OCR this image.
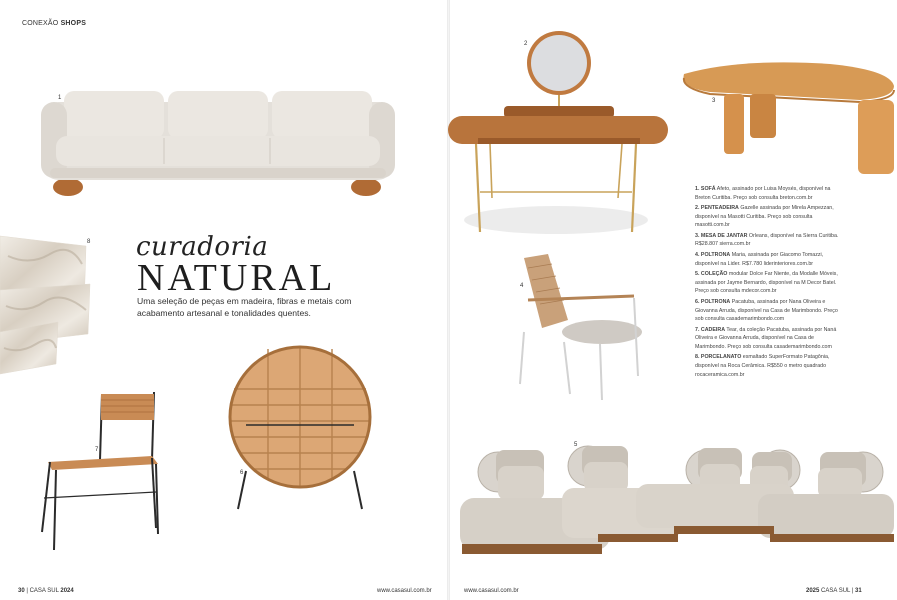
CONEXÃO SHOPS
1
8 curadoria
NATURAL
Uma seleção de peças em madeira, fibras e metais com acabamento artesanal e tonalidades quentes.
7
6
2
3
4
1. SOFÁ Afeto, assinado por Luisa Moysés, disponível na Breton Curitiba. Preço sob consulta breton.com.br
2. PENTEADEIRA Gazelle assinada por Mirela Ampezzan, disponível na Masotti Curitiba. Preço sob consulta masotti.com.br
3. MESA DE JANTAR Orleans, disponível na Sierra Curitiba. R$28.807 sierra.com.br
4. POLTRONA Maria, assinada por Giacomo Tomazzi, disponível na Lider. R$7.780 liderinteriores.com.br
5. COLEÇÃO modular Dolce Far Niente, da Modalle Móveis, assinada por Jayme Bernardo, disponível na M Decor Batel. Preço sob consulta mdecor.com.br
6. POLTRONA Pacatuba, assinada por Nana Oliveira e Giovanna Arruda, disponível na Casa de Marimbondo. Preço sob consulta casademarimbondo.com
7. CADEIRA Tear, da coleção Pacatuba, assinada por Naná Oliveira e Giovanna Arruda, disponível na Casa de Marimbondo. Preço sob consulta casademarimbondo.com
8. PORCELANATO esmaltado SuperFormato Patagônia, disponível na Roca Cerâmica. R$550 o metro quadrado rocaceramica.com.br
5
30 | CASA SUL 2024	www.casasul.com.br	www.casasul.com.br	2025 CASA SUL | 31
